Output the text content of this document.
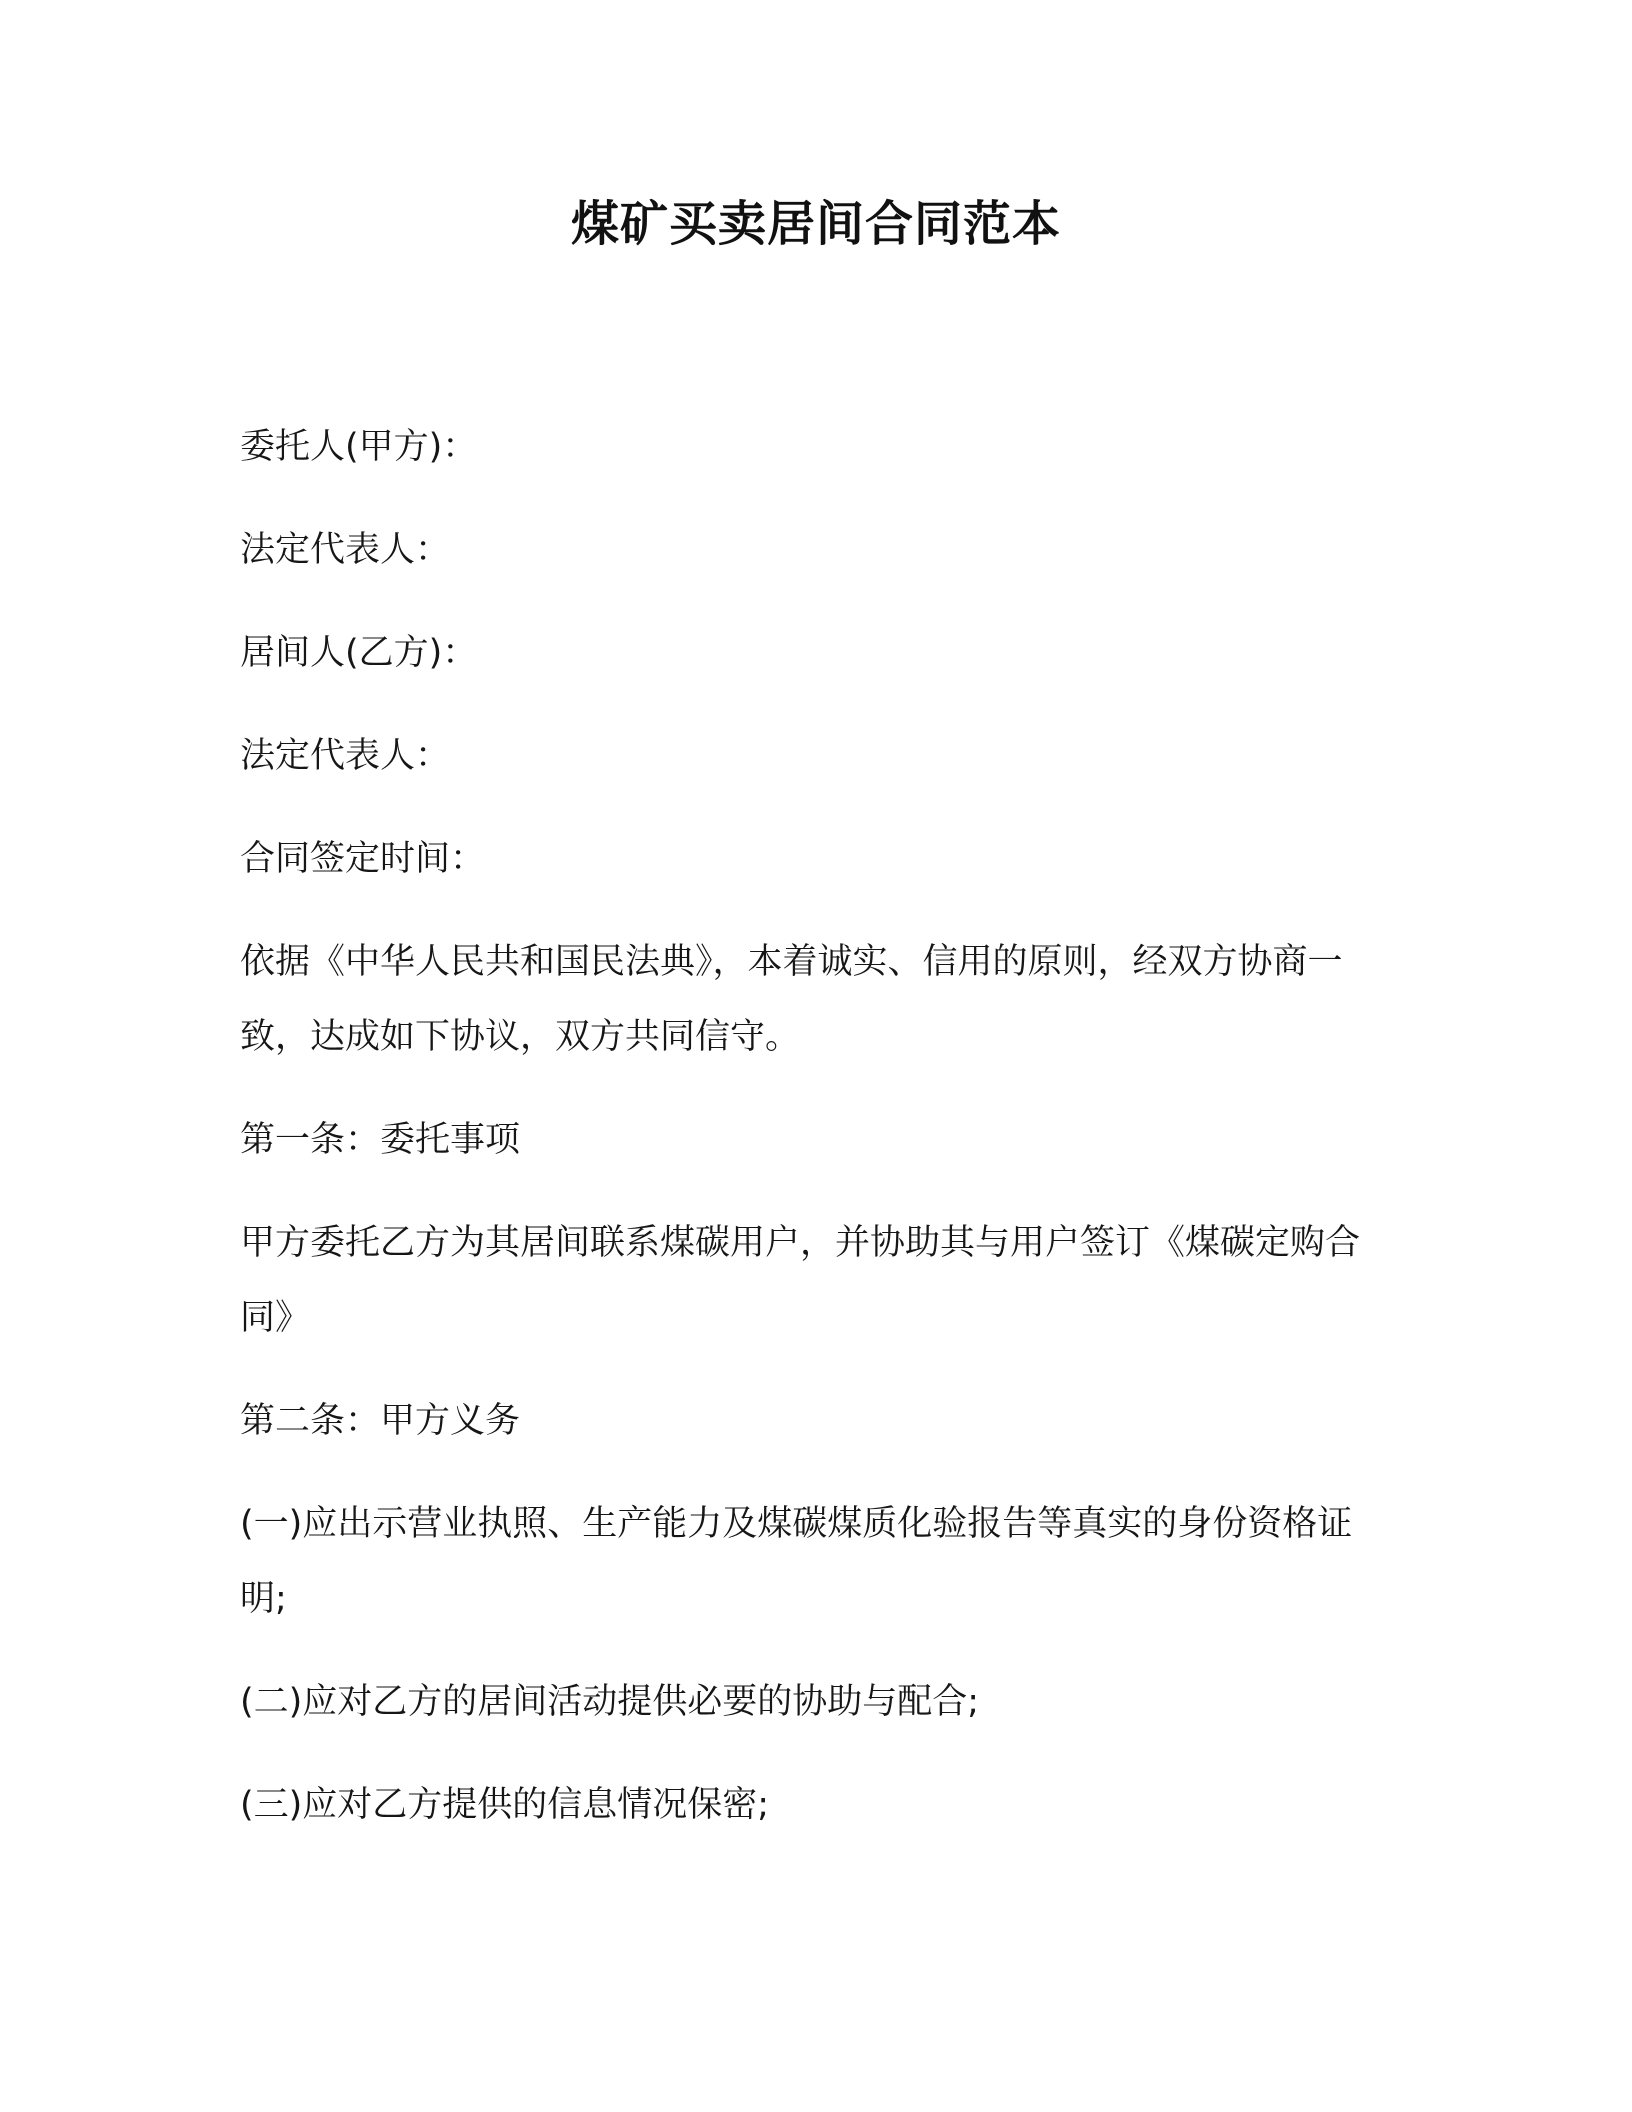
煤矿买卖居间合同范本

委托人(甲方)：

法定代表人：

居间人(乙方)：

法定代表人：

合同签定时间：

依据《中华人民共和国民法典》，本着诚实、信用的原则，经双方协商一致，达成如下协议，双方共同信守。

第一条：委托事项

甲方委托乙方为其居间联系煤碳用户，并协助其与用户签订《煤碳定购合同》

第二条：甲方义务

(一)应出示营业执照、生产能力及煤碳煤质化验报告等真实的身份资格证明;

(二)应对乙方的居间活动提供必要的协助与配合;

(三)应对乙方提供的信息情况保密;
